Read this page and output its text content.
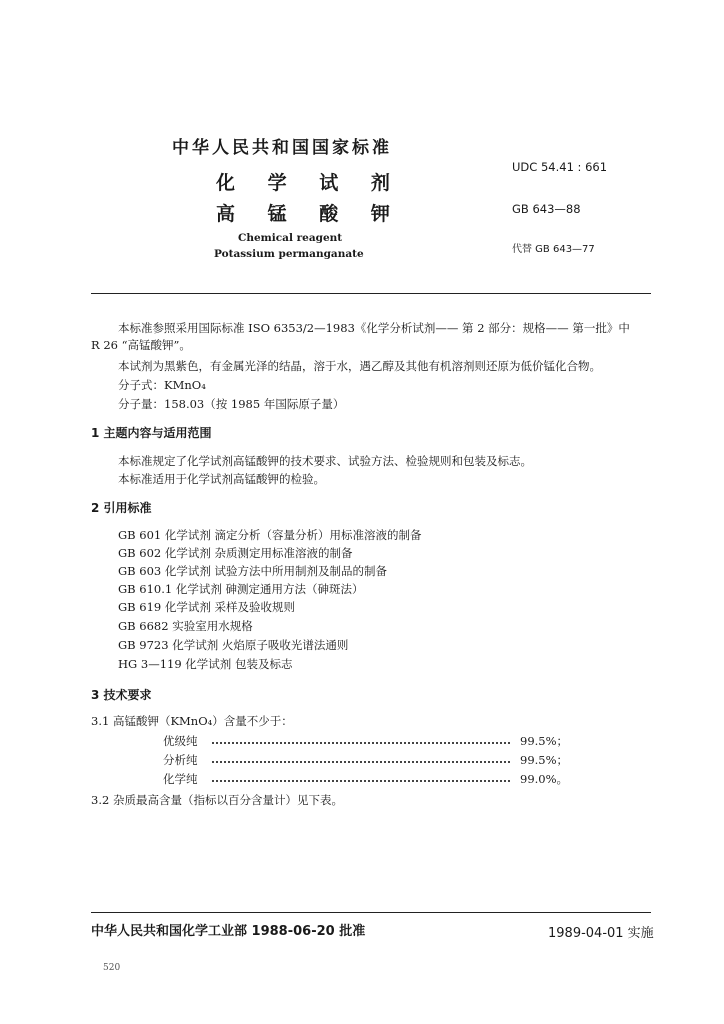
中华人民共和国国家标准
化 学 试 剂
高 锰 酸 钾
Chemical reagent
Potassium permanganate
UDC 54.41 : 661
GB 643—88
代替 GB 643—77
本标准参照采用国际标准 ISO 6353/2—1983《化学分析试剂—— 第 2 部分：规格—— 第一批》中
R 26 “高锰酸钾”。
本试剂为黑紫色，有金属光泽的结晶，溶于水，遇乙醇及其他有机溶剂则还原为低价锰化合物。
分子式：KMnO₄
分子量：158.03（按 1985 年国际原子量）
1 主题内容与适用范围
本标准规定了化学试剂高锰酸钾的技术要求、试验方法、检验规则和包装及标志。
本标准适用于化学试剂高锰酸钾的检验。
2 引用标准
GB 601 化学试剂 滴定分析（容量分析）用标准溶液的制备
GB 602 化学试剂 杂质测定用标准溶液的制备
GB 603 化学试剂 试验方法中所用制剂及制品的制备
GB 610.1 化学试剂 砷测定通用方法（砷斑法）
GB 619 化学试剂 采样及验收规则
GB 6682 实验室用水规格
GB 9723 化学试剂 火焰原子吸收光谱法通则
HG 3—119 化学试剂 包装及标志
3 技术要求
3.1 高锰酸钾（KMnO₄）含量不少于：
优级纯	99.5%；
分析纯	99.5%；
化学纯	99.0%。
3.2 杂质最高含量（指标以百分含量计）见下表。
中华人民共和国化学工业部 1988-06-20 批准	1989-04-01 实施
520
